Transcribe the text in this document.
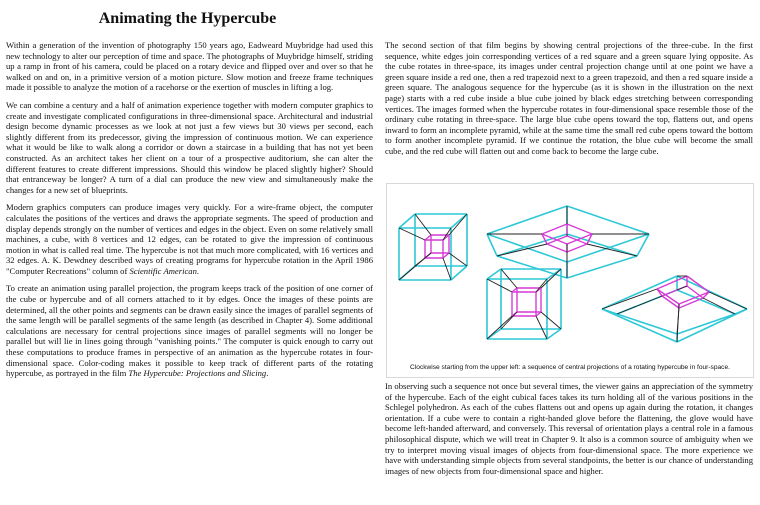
Animating the Hypercube

Within a generation of the invention of photography 150 years ago, Eadweard Muybridge had used this new technology to alter our perception of time and space. The photographs of Muybridge himself, striding up a ramp in front of his camera, could be placed on a rotary device and flipped over and over so that he walked on and on, in a primitive version of a motion picture. Slow motion and freeze frame techniques made it possible to analyze the motion of a racehorse or the exertion of muscles in lifting a log.

We can combine a century and a half of animation experience together with modern computer graphics to create and investigate complicated configurations in three-dimensional space. Architectural and industrial design become dynamic processes as we look at not just a few views but 30 views per second, each slightly different from its predecessor, giving the impression of continuous motion. We can experience what it would be like to walk along a corridor or down a staircase in a building that has not yet been constructed. As an architect takes her client on a tour of a prospective auditorium, she can alter the different features to create different impressions. Should this window be placed slightly higher? Should that entranceway be longer? A turn of a dial can produce the new view and simultaneously make the changes for a new set of blueprints.

Modern graphics computers can produce images very quickly. For a wire-frame object, the computer calculates the positions of the vertices and draws the appropriate segments. The speed of production and display depends strongly on the number of vertices and edges in the object. Even on some relatively small machines, a cube, with 8 vertices and 12 edges, can be rotated to give the impression of continuous motion in what is called real time. The hypercube is not that much more complicated, with 16 vertices and 32 edges. A. K. Dewdney described ways of creating programs for hypercube rotation in the April 1986 "Computer Recreations" column of Scientific American.

To create an animation using parallel projection, the program keeps track of the position of one corner of the cube or hypercube and of all corners attached to it by edges. Once the images of these points are determined, all the other points and segments can be drawn easily since the images of parallel segments of the same length will be parallel segments of the same length (as described in Chapter 4). Some additional calculations are necessary for central projections since images of parallel segments will no longer be parallel but will lie in lines going through "vanishing points." The computer is quick enough to carry out these computations to produce frames in perspective of an animation as the hypercube rotates in four-dimensional space. Color-coding makes it possible to keep track of different parts of the rotating hypercube, as portrayed in the film The Hypercube: Projections and Slicing.

The second section of that film begins by showing central projections of the three-cube. In the first sequence, white edges join corresponding vertices of a red square and a green square lying opposite. As the cube rotates in three-space, its images under central projection change until at one point we have a green square inside a red one, then a red trapezoid next to a green trapezoid, and then a red square inside a green square. The analogous sequence for the hypercube (as it is shown in the illustration on the next page) starts with a red cube inside a blue cube joined by black edges stretching between corresponding vertices. The images formed when the hypercube rotates in four-dimensional space resemble those of the ordinary cube rotating in three-space. The large blue cube opens toward the top, flattens out, and opens inward to form an incomplete pyramid, while at the same time the small red cube opens toward the bottom to form another incomplete pyramid. If we continue the rotation, the blue cube will become the small cube, and the red cube will flatten out and come back to become the large cube.

Clockwise starting from the upper left: a sequence of central projections of a rotating hypercube in four-space.

In observing such a sequence not once but several times, the viewer gains an appreciation of the symmetry of the hypercube. Each of the eight cubical faces takes its turn holding all of the various positions in the Schlegel polyhedron. As each of the cubes flattens out and opens up again during the rotation, it changes orientation. If a cube were to contain a right-handed glove before the flattening, the glove would have become left-handed afterward, and conversely. This reversal of orientation plays a central role in a famous philosophical dispute, which we will treat in Chapter 9. It also is a common source of ambiguity when we try to interpret moving visual images of objects from four-dimensional space. The more experience we have with understanding simple objects from several standpoints, the better is our chance of understanding images of new objects from four-dimensional space and higher.
